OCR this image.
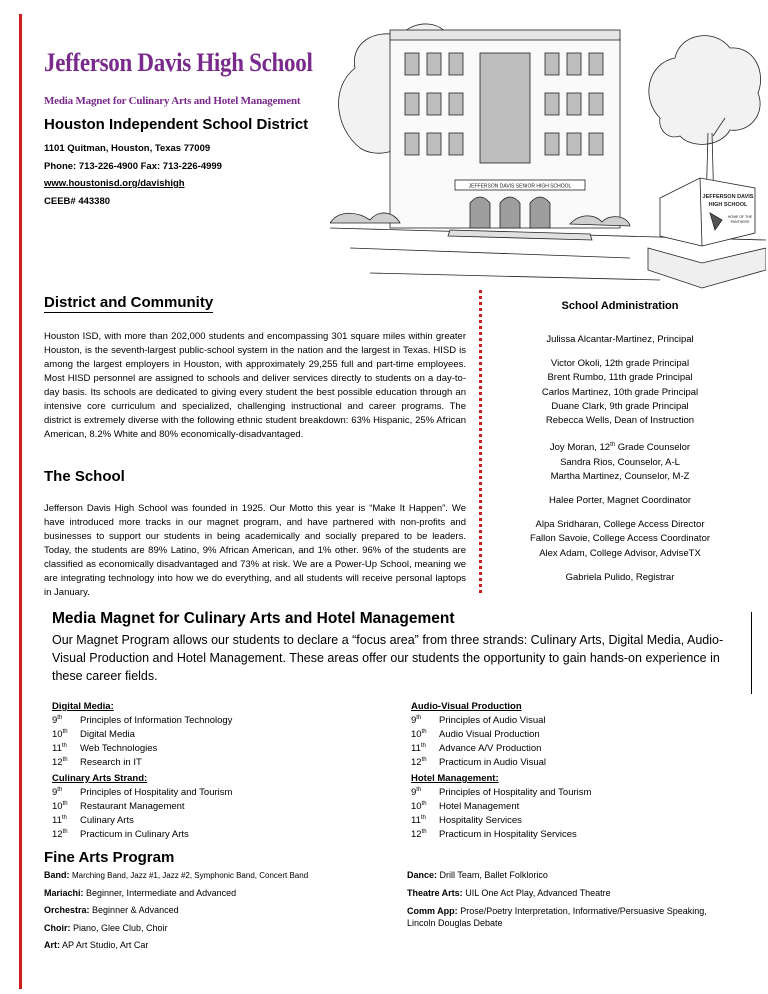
Jefferson Davis High School
Media Magnet for Culinary Arts and Hotel Management
Houston Independent School District
1101 Quitman, Houston, Texas 77009
Phone: 713-226-4900 Fax: 713-226-4999
www.houstonisd.org/davishigh
CEEB# 443380
JEFFERSON DAVIS SENIOR HIGH SCHOOL
JEFFERSON DAVIS
HIGH SCHOOL
HOME OF THE
PANTHERS
District and Community
Houston ISD, with more than 202,000 students and encompassing 301 square miles within greater Houston, is the seventh-largest public-school system in the nation and the largest in Texas. HISD is among the largest employers in Houston, with approximately 29,255 full and part-time employees. Most HISD personnel are assigned to schools and deliver services directly to students on a day-to-day basis. Its schools are dedicated to giving every student the best possible education through an intensive core curriculum and specialized, challenging instructional and career programs. The district is extremely diverse with the following ethnic student breakdown: 63% Hispanic, 25% African American, 8.2% White and 80% economically-disadvantaged.
The School
Jefferson Davis High School was founded in 1925. Our Motto this year is “Make It Happen”. We have introduced more tracks in our magnet program, and have partnered with non-profits and businesses to support our students in being academically and socially prepared to be leaders. Today, the students are 89% Latino, 9% African American, and 1% other. 96% of the students are classified as economically disadvantaged and 73% at risk. We are a Power-Up School, meaning we are integrating technology into how we do everything, and all students will receive personal laptops in January.
School Administration
Julissa Alcantar-Martinez, Principal
Victor Okoli, 12th grade Principal
Brent Rumbo, 11th grade Principal
Carlos Martinez, 10th grade Principal
Duane Clark, 9th grade Principal
Rebecca Wells, Dean of Instruction
Joy Moran, 12th Grade Counselor
Sandra Rios, Counselor, A-L
Martha Martinez, Counselor, M-Z
Halee Porter, Magnet Coordinator
Alpa Sridharan, College Access Director
Fallon Savoie, College Access Coordinator
Alex Adam, College Advisor, AdviseTX
Gabriela Pulido, Registrar
Media Magnet for Culinary Arts and Hotel Management
Our Magnet Program allows our students to declare a “focus area” from three strands: Culinary Arts, Digital Media, Audio-Visual Production and Hotel Management. These areas offer our students the opportunity to gain hands-on experience in these career fields.
Digital Media:
9th	Principles of Information Technology
10th	Digital Media
11th	Web Technologies
12th	Research in IT
Audio-Visual Production
9th	Principles of Audio Visual
10th	Audio Visual Production
11th	Advance A/V Production
12th	Practicum in Audio Visual
Culinary Arts Strand:
9th	Principles of Hospitality and Tourism
10th	Restaurant Management
11th	Culinary Arts
12th	Practicum in Culinary Arts
Hotel Management:
9th	Principles of Hospitality and Tourism
10th	Hotel Management
11th	Hospitality Services
12th	Practicum in Hospitality Services
Fine Arts Program
Band: Marching Band, Jazz #1, Jazz #2, Symphonic Band, Concert Band
Mariachi: Beginner, Intermediate and Advanced
Orchestra: Beginner & Advanced
Choir: Piano, Glee Club, Choir
Art: AP Art Studio, Art Car
Dance: Drill Team, Ballet Folklorico
Theatre Arts: UIL One Act Play, Advanced Theatre
Comm App: Prose/Poetry Interpretation, Informative/Persuasive Speaking, Lincoln Douglas Debate
